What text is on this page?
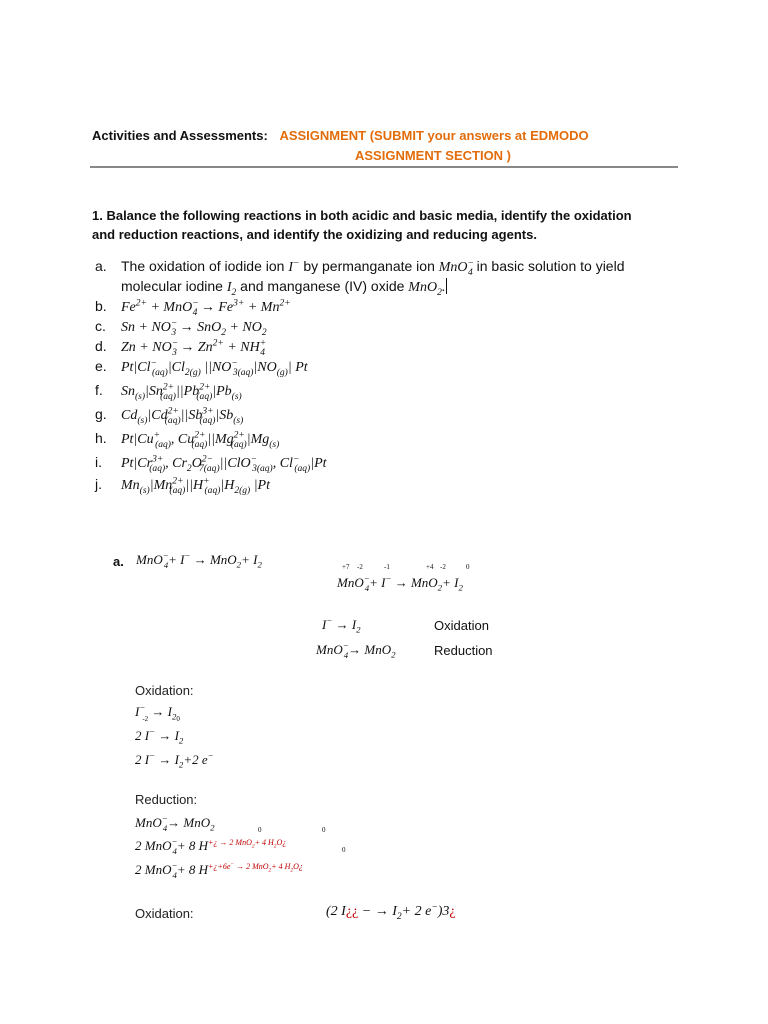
Activities and Assessments: ASSIGNMENT (SUBMIT your answers at EDMODO
ASSIGNMENT SECTION )
1. Balance the following reactions in both acidic and basic media, identify the oxidation
and reduction reactions, and identify the oxidizing and reducing agents.
a. The oxidation of iodide ion I− by permanganate ion MnO−$_4$ in basic solution to yield
molecular iodine $I_2$ and manganese (IV) oxide MnO$_2$.
b. $Fe^{2+} + MnO^-_4 \to Fe^{3+} + Mn^{2+}$
c. $Sn + NO^-_3 \to SnO_2 + NO_2$
d. $Zn + NO^-_3 \to Zn^{2+} + NH^+_4$
e. $Pt|Cl^-_{(aq)}|Cl_{2(g)}$ $||NO^-_{3(aq)}|NO_{(g)}|$ Pt
f. $Sn_{(s)}|Sn^{2+}_{(aq)}||Pb^{2+}_{(aq)}|Pb_{(s)}$
g. $Cd_{(s)}|Cd^{2+}_{(aq)}||Sb^{3+}_{(aq)}|Sb_{(s)}$
h. $Pt|Cu^+_{(aq)}$, $Cu^{2+}_{(aq)}||Mg^{2+}_{(aq)}|Mg_{(s)}$
i. $Pt|Cr^{3+}_{(aq)}$, $Cr_2O^{2-}_{7(aq)}||ClO^-_{3(aq)}$, $Cl^-_{(aq)}|Pt$
j. $Mn_{(s)}|Mn^{2+}_{(aq)}||H^+_{(aq)}|H_{2(g)}$ |Pt
a. $MnO^-_4+ I^- \to MnO_2+ I_2$	+7 -2	-1	+4 -2	0
$MnO^-_4+ I^- \to MnO_2+ I_2$
$I^- \to I_2$	Oxidation
MnO−$_4$→ MnO$_2$	Reduction
Oxidation:
$I^-_{-2} \to I_{20}$
2 $I^- \to I_2$
2 $I^- \to I_2+2$ e−
Reduction:
MnO−$_4$→ MnO$_2$
2 MnO−$_4$+ 8 $H^{+¿ \to 2 MnO_2+ 4 H_2O¿}$
2 MnO−$_4$+ 8 $H^{+¿+6e^- \to 2 MnO_2+ 4 H_2O¿}$
0	0
0
Oxidation:	(2 I¿¿ − → $I_2+ 2$ e−)3¿
